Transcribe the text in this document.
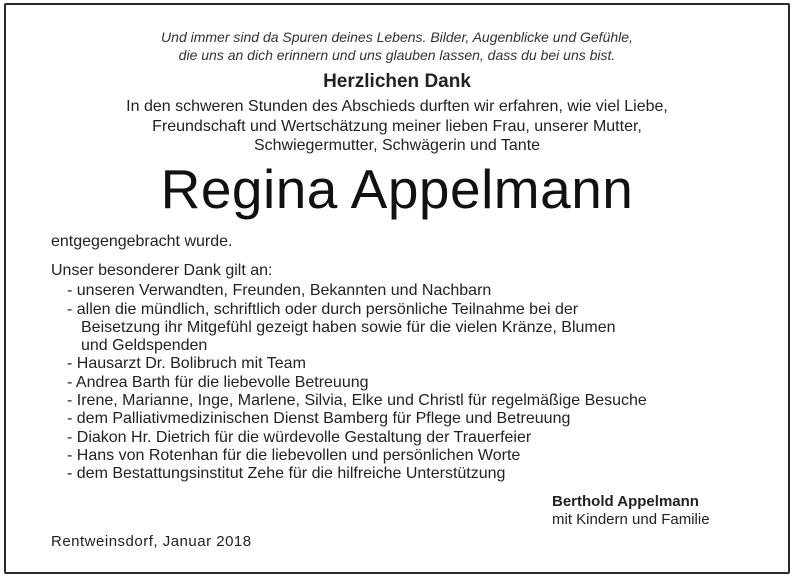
Und immer sind da Spuren deines Lebens. Bilder, Augenblicke und Gefühle,
die uns an dich erinnern und uns glauben lassen, dass du bei uns bist.
Herzlichen Dank
In den schweren Stunden des Abschieds durften wir erfahren, wie viel Liebe,
Freundschaft und Wertschätzung meiner lieben Frau, unserer Mutter,
Schwiegermutter, Schwägerin und Tante
Regina Appelmann
entgegengebracht wurde.
Unser besonderer Dank gilt an:
- unseren Verwandten, Freunden, Bekannten und Nachbarn
- allen die mündlich, schriftlich oder durch persönliche Teilnahme bei der
Beisetzung ihr Mitgefühl gezeigt haben sowie für die vielen Kränze, Blumen
und Geldspenden
- Hausarzt Dr. Bolibruch mit Team
- Andrea Barth für die liebevolle Betreuung
- Irene, Marianne, Inge, Marlene, Silvia, Elke und Christl für regelmäßige Besuche
- dem Palliativmedizinischen Dienst Bamberg für Pflege und Betreuung
- Diakon Hr. Dietrich für die würdevolle Gestaltung der Trauerfeier
- Hans von Rotenhan für die liebevollen und persönlichen Worte
- dem Bestattungsinstitut Zehe für die hilfreiche Unterstützung
Berthold Appelmann
mit Kindern und Familie
Rentweinsdorf, Januar 2018
